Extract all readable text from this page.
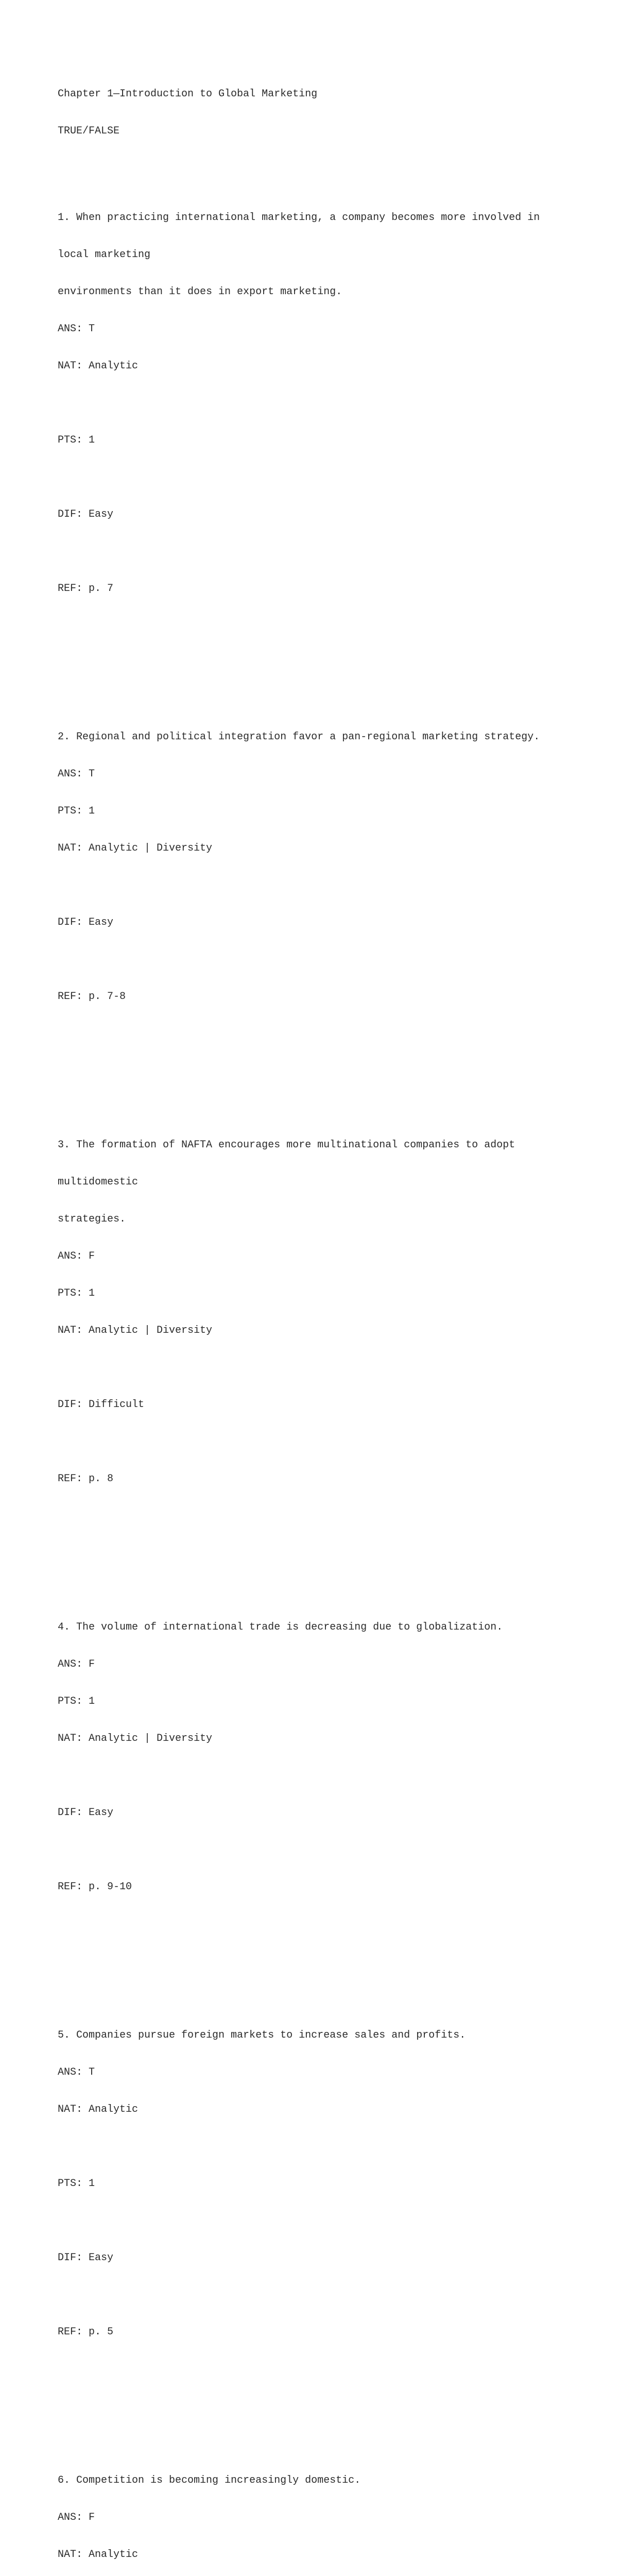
Chapter 1—Introduction to Global Marketing

TRUE/FALSE

1. When practicing international marketing, a company becomes more involved in

local marketing

environments than it does in export marketing.

ANS: T

NAT: Analytic

PTS: 1

DIF: Easy

REF: p. 7

2. Regional and political integration favor a pan-regional marketing strategy.

ANS: T

PTS: 1

NAT: Analytic | Diversity

DIF: Easy

REF: p. 7-8

3. The formation of NAFTA encourages more multinational companies to adopt

multidomestic

strategies.

ANS: F

PTS: 1

NAT: Analytic | Diversity

DIF: Difficult

REF: p. 8

4. The volume of international trade is decreasing due to globalization.

ANS: F

PTS: 1

NAT: Analytic | Diversity

DIF: Easy

REF: p. 9-10

5. Companies pursue foreign markets to increase sales and profits.

ANS: T

NAT: Analytic

PTS: 1

DIF: Easy

REF: p. 5

6. Competition is becoming increasingly domestic.

ANS: F

NAT: Analytic
